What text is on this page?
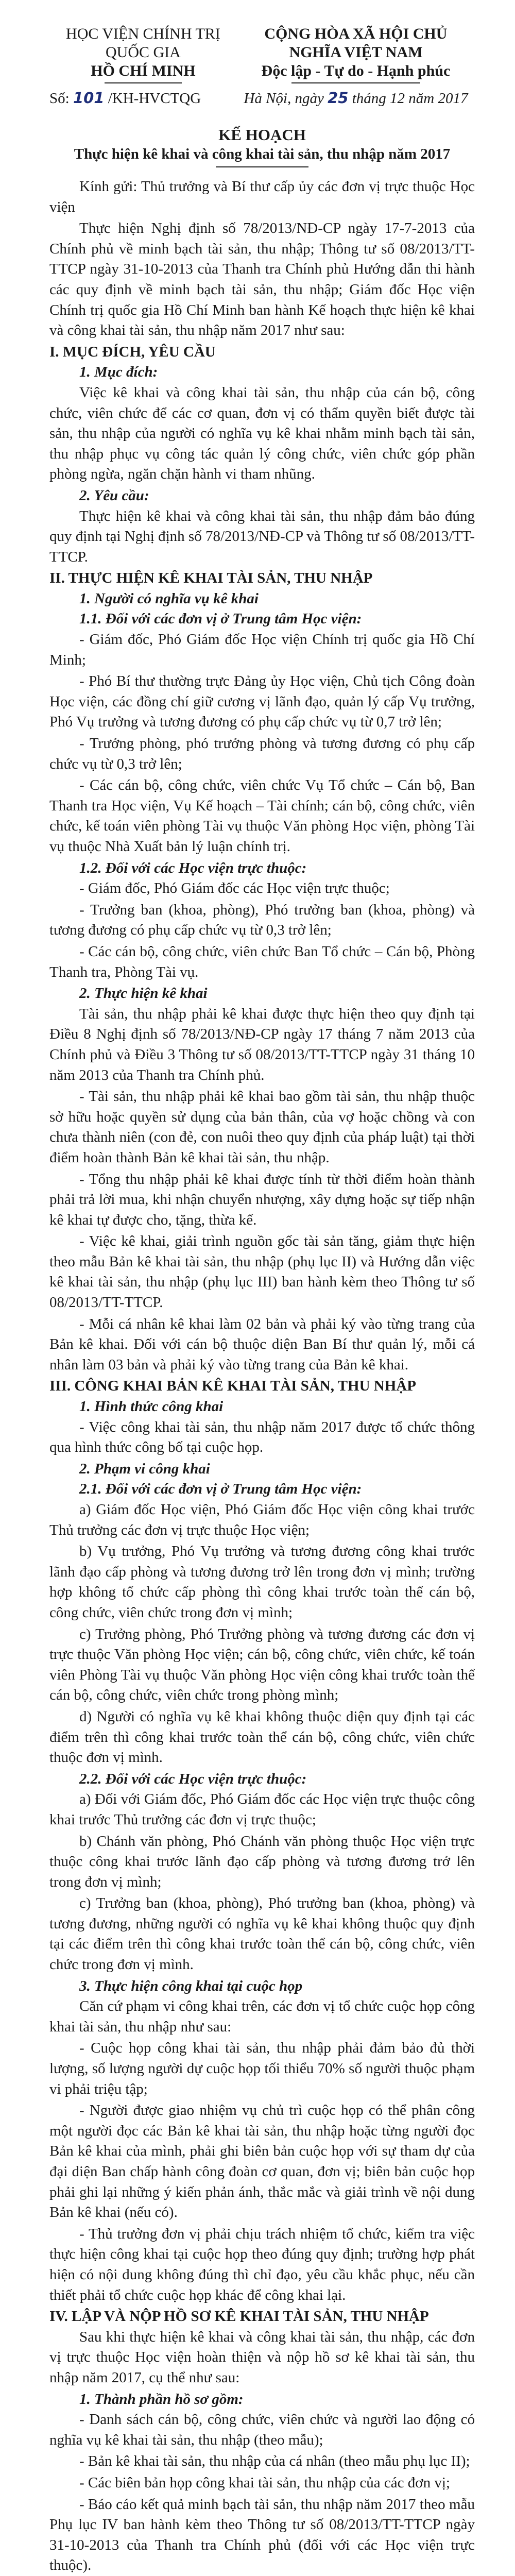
HỌC VIỆN CHÍNH TRỊ QUỐC GIA
HỒ CHÍ MINH
Số: 101 /KH-HVCTQG
CỘNG HÒA XÃ HỘI CHỦ NGHĨA VIỆT NAM
Độc lập - Tự do - Hạnh phúc
Hà Nội, ngày 25 tháng 12 năm 2017
KẾ HOẠCH
Thực hiện kê khai và công khai tài sản, thu nhập năm 2017
Kính gửi: Thủ trưởng và Bí thư cấp ủy các đơn vị trực thuộc Học viện
Thực hiện Nghị định số 78/2013/NĐ-CP ngày 17-7-2013 của Chính phủ về minh bạch tài sản, thu nhập; Thông tư số 08/2013/TT-TTCP ngày 31-10-2013 của Thanh tra Chính phủ Hướng dẫn thi hành các quy định về minh bạch tài sản, thu nhập; Giám đốc Học viện Chính trị quốc gia Hồ Chí Minh ban hành Kế hoạch thực hiện kê khai và công khai tài sản, thu nhập năm 2017 như sau:
I. MỤC ĐÍCH, YÊU CẦU
1. Mục đích:
Việc kê khai và công khai tài sản, thu nhập của cán bộ, công chức, viên chức để các cơ quan, đơn vị có thẩm quyền biết được tài sản, thu nhập của người có nghĩa vụ kê khai nhằm minh bạch tài sản, thu nhập phục vụ công tác quản lý công chức, viên chức góp phần phòng ngừa, ngăn chặn hành vi tham nhũng.
2. Yêu cầu:
Thực hiện kê khai và công khai tài sản, thu nhập đảm bảo đúng quy định tại Nghị định số 78/2013/NĐ-CP và Thông tư số 08/2013/TT-TTCP.
II. THỰC HIỆN KÊ KHAI TÀI SẢN, THU NHẬP
1. Người có nghĩa vụ kê khai
1.1. Đối với các đơn vị ở Trung tâm Học viện:
- Giám đốc, Phó Giám đốc Học viện Chính trị quốc gia Hồ Chí Minh;
- Phó Bí thư thường trực Đảng ủy Học viện, Chủ tịch Công đoàn Học viện, các đồng chí giữ cương vị lãnh đạo, quản lý cấp Vụ trưởng, Phó Vụ trưởng và tương đương có phụ cấp chức vụ từ 0,7 trở lên;
- Trưởng phòng, phó trưởng phòng và tương đương có phụ cấp chức vụ từ 0,3 trở lên;
- Các cán bộ, công chức, viên chức Vụ Tổ chức – Cán bộ, Ban Thanh tra Học viện, Vụ Kế hoạch – Tài chính; cán bộ, công chức, viên chức, kế toán viên phòng Tài vụ thuộc Văn phòng Học viện, phòng Tài vụ thuộc Nhà Xuất bản lý luận chính trị.
1.2. Đối với các Học viện trực thuộc:
- Giám đốc, Phó Giám đốc các Học viện trực thuộc;
- Trưởng ban (khoa, phòng), Phó trưởng ban (khoa, phòng) và tương đương có phụ cấp chức vụ từ 0,3 trở lên;
- Các cán bộ, công chức, viên chức Ban Tổ chức – Cán bộ, Phòng Thanh tra, Phòng Tài vụ.
2. Thực hiện kê khai
Tài sản, thu nhập phải kê khai được thực hiện theo quy định tại Điều 8 Nghị định số 78/2013/NĐ-CP ngày 17 tháng 7 năm 2013 của Chính phủ và Điều 3 Thông tư số 08/2013/TT-TTCP ngày 31 tháng 10 năm 2013 của Thanh tra Chính phủ.
- Tài sản, thu nhập phải kê khai bao gồm tài sản, thu nhập thuộc sở hữu hoặc quyền sử dụng của bản thân, của vợ hoặc chồng và con chưa thành niên (con đẻ, con nuôi theo quy định của pháp luật) tại thời điểm hoàn thành Bản kê khai tài sản, thu nhập.
- Tổng thu nhập phải kê khai được tính từ thời điểm hoàn thành phải trả lời mua, khi nhận chuyển nhượng, xây dựng hoặc sự tiếp nhận kê khai tự được cho, tặng, thừa kế.
- Việc kê khai, giải trình nguồn gốc tài sản tăng, giảm thực hiện theo mẫu Bản kê khai tài sản, thu nhập (phụ lục II) và Hướng dẫn việc kê khai tài sản, thu nhập (phụ lục III) ban hành kèm theo Thông tư số 08/2013/TT-TTCP.
- Mỗi cá nhân kê khai làm 02 bản và phải ký vào từng trang của Bản kê khai. Đối với cán bộ thuộc diện Ban Bí thư quản lý, mỗi cá nhân làm 03 bản và phải ký vào từng trang của Bản kê khai.
III. CÔNG KHAI BẢN KÊ KHAI TÀI SẢN, THU NHẬP
1. Hình thức công khai
- Việc công khai tài sản, thu nhập năm 2017 được tổ chức thông qua hình thức công bố tại cuộc họp.
2. Phạm vi công khai
2.1. Đối với các đơn vị ở Trung tâm Học viện:
a) Giám đốc Học viện, Phó Giám đốc Học viện công khai trước Thủ trưởng các đơn vị trực thuộc Học viện;
b) Vụ trưởng, Phó Vụ trưởng và tương đương công khai trước lãnh đạo cấp phòng và tương đương trở lên trong đơn vị mình; trường hợp không tổ chức cấp phòng thì công khai trước toàn thể cán bộ, công chức, viên chức trong đơn vị mình;
c) Trưởng phòng, Phó Trưởng phòng và tương đương các đơn vị trực thuộc Văn phòng Học viện; cán bộ, công chức, viên chức, kế toán viên Phòng Tài vụ thuộc Văn phòng Học viện công khai trước toàn thể cán bộ, công chức, viên chức trong phòng mình;
d) Người có nghĩa vụ kê khai không thuộc diện quy định tại các điểm trên thì công khai trước toàn thể cán bộ, công chức, viên chức thuộc đơn vị mình.
2.2. Đối với các Học viện trực thuộc:
a) Đối với Giám đốc, Phó Giám đốc các Học viện trực thuộc công khai trước Thủ trưởng các đơn vị trực thuộc;
b) Chánh văn phòng, Phó Chánh văn phòng thuộc Học viện trực thuộc công khai trước lãnh đạo cấp phòng và tương đương trở lên trong đơn vị mình;
c) Trưởng ban (khoa, phòng), Phó trưởng ban (khoa, phòng) và tương đương, những người có nghĩa vụ kê khai không thuộc quy định tại các điểm trên thì công khai trước toàn thể cán bộ, công chức, viên chức trong đơn vị mình.
3. Thực hiện công khai tại cuộc họp
Căn cứ phạm vi công khai trên, các đơn vị tổ chức cuộc họp công khai tài sản, thu nhập như sau:
- Cuộc họp công khai tài sản, thu nhập phải đảm bảo đủ thời lượng, số lượng người dự cuộc họp tối thiểu 70% số người thuộc phạm vi phải triệu tập;
- Người được giao nhiệm vụ chủ trì cuộc họp có thể phân công một người đọc các Bản kê khai tài sản, thu nhập hoặc từng người đọc Bản kê khai của mình, phải ghi biên bản cuộc họp với sự tham dự của đại diện Ban chấp hành công đoàn cơ quan, đơn vị; biên bản cuộc họp phải ghi lại những ý kiến phản ánh, thắc mắc và giải trình về nội dung Bản kê khai (nếu có).
- Thủ trưởng đơn vị phải chịu trách nhiệm tổ chức, kiểm tra việc thực hiện công khai tại cuộc họp theo đúng quy định; trường hợp phát hiện có nội dung không đúng thì chỉ đạo, yêu cầu khắc phục, nếu cần thiết phải tổ chức cuộc họp khác để công khai lại.
IV. LẬP VÀ NỘP HỒ SƠ KÊ KHAI TÀI SẢN, THU NHẬP
Sau khi thực hiện kê khai và công khai tài sản, thu nhập, các đơn vị trực thuộc Học viện hoàn thiện và nộp hồ sơ kê khai tài sản, thu nhập năm 2017, cụ thể như sau:
1. Thành phần hồ sơ gồm:
- Danh sách cán bộ, công chức, viên chức và người lao động có nghĩa vụ kê khai tài sản, thu nhập (theo mẫu);
- Bản kê khai tài sản, thu nhập của cá nhân (theo mẫu phụ lục II);
- Các biên bản họp công khai tài sản, thu nhập của các đơn vị;
- Báo cáo kết quả minh bạch tài sản, thu nhập năm 2017 theo mẫu Phụ lục IV ban hành kèm theo Thông tư số 08/2013/TT-TTCP ngày 31-10-2013 của Thanh tra Chính phủ (đối với các Học viện trực thuộc).
